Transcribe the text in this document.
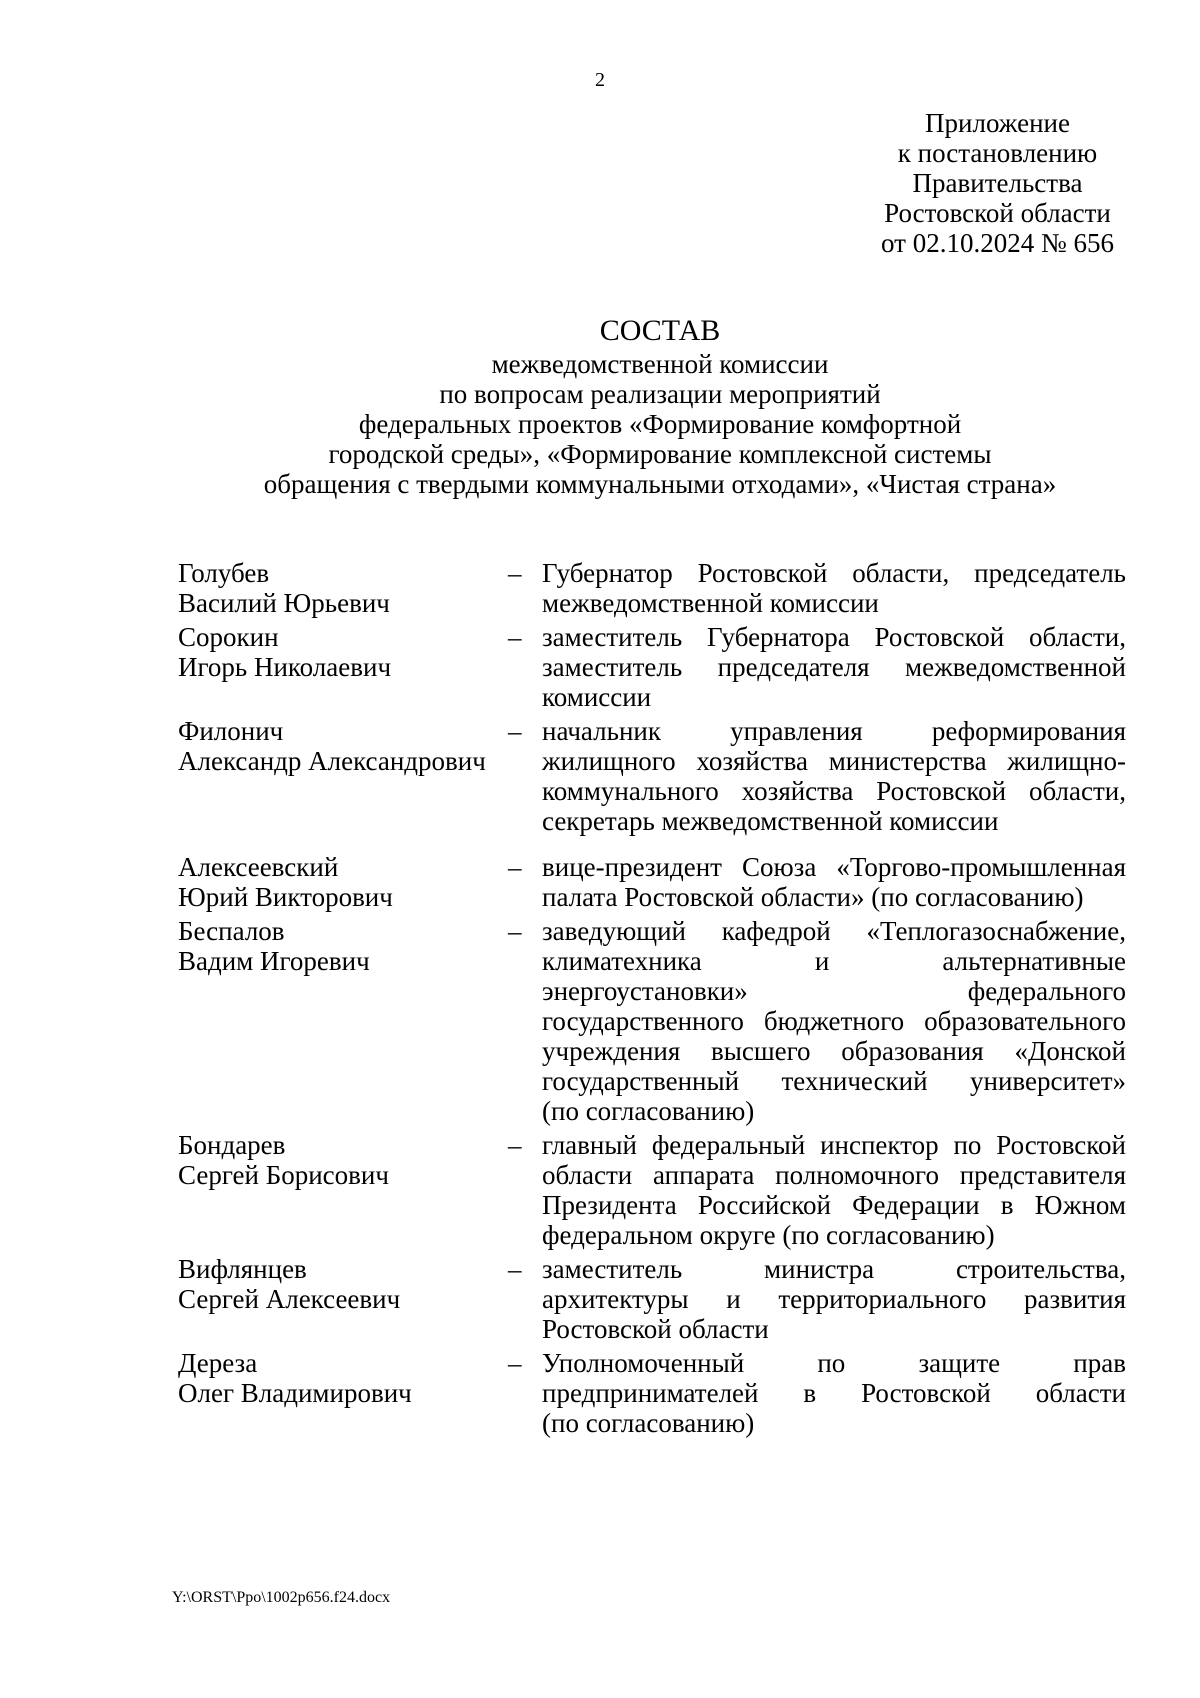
2
Приложение
к постановлению
Правительства
Ростовской области
от 02.10.2024 № 656
СОСТАВ
межведомственной комиссии
по вопросам реализации мероприятий
федеральных проектов «Формирование комфортной
городской среды», «Формирование комплексной системы
обращения с твердыми коммунальными отходами», «Чистая страна»
Голубев
Василий Юрьевич
– Губернатор Ростовской области, председатель
межведомственной комиссии
Сорокин
Игорь Николаевич
– заместитель Губернатора Ростовской области,
заместитель председателя межведомственной
комиссии
Филонич
Александр Александрович
– начальник управления реформирования
жилищного хозяйства министерства жилищно-
коммунального хозяйства Ростовской области,
секретарь межведомственной комиссии
Алексеевский
Юрий Викторович
– вице-президент Союза «Торгово-промышленная
палата Ростовской области» (по согласованию)
Беспалов
Вадим Игоревич
– заведующий кафедрой «Теплогазоснабжение,
климатехника и альтернативные
энергоустановки» федерального
государственного бюджетного образовательного
учреждения высшего образования «Донской
государственный технический университет»
(по согласованию)
Бондарев
Сергей Борисович
– главный федеральный инспектор по Ростовской
области аппарата полномочного представителя
Президента Российской Федерации в Южном
федеральном округе (по согласованию)
Вифлянцев
Сергей Алексеевич
– заместитель министра строительства,
архитектуры и территориального развития
Ростовской области
Дереза
Олег Владимирович
– Уполномоченный по защите прав
предпринимателей в Ростовской области
(по согласованию)
Y:\ORST\Ppo\1002p656.f24.docx
